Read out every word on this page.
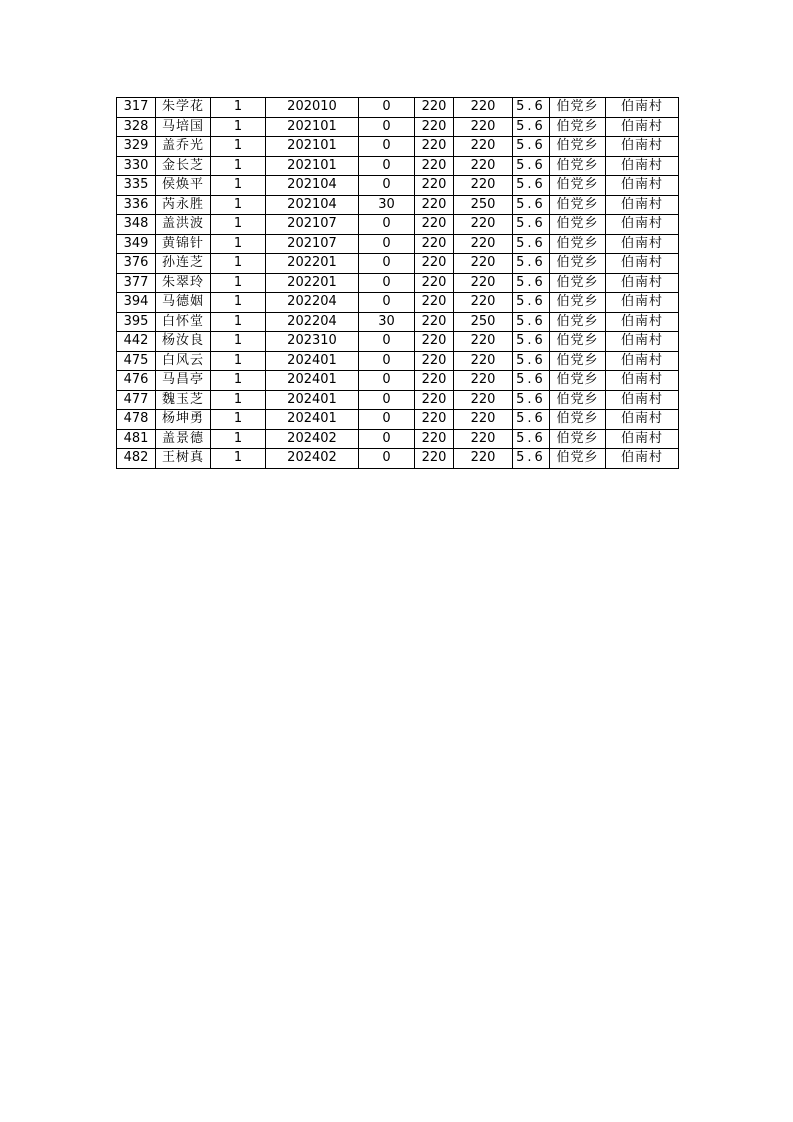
317	朱学花	1	202010	0	220	220	5.6	伯党乡	伯南村
328	马培国	1	202101	0	220	220	5.6	伯党乡	伯南村
329	盖乔光	1	202101	0	220	220	5.6	伯党乡	伯南村
330	金长芝	1	202101	0	220	220	5.6	伯党乡	伯南村
335	侯焕平	1	202104	0	220	220	5.6	伯党乡	伯南村
336	芮永胜	1	202104	30	220	250	5.6	伯党乡	伯南村
348	盖洪波	1	202107	0	220	220	5.6	伯党乡	伯南村
349	黄锦针	1	202107	0	220	220	5.6	伯党乡	伯南村
376	孙连芝	1	202201	0	220	220	5.6	伯党乡	伯南村
377	朱翠玲	1	202201	0	220	220	5.6	伯党乡	伯南村
394	马德姻	1	202204	0	220	220	5.6	伯党乡	伯南村
395	白怀堂	1	202204	30	220	250	5.6	伯党乡	伯南村
442	杨汝良	1	202310	0	220	220	5.6	伯党乡	伯南村
475	白风云	1	202401	0	220	220	5.6	伯党乡	伯南村
476	马昌亭	1	202401	0	220	220	5.6	伯党乡	伯南村
477	魏玉芝	1	202401	0	220	220	5.6	伯党乡	伯南村
478	杨坤勇	1	202401	0	220	220	5.6	伯党乡	伯南村
481	盖景德	1	202402	0	220	220	5.6	伯党乡	伯南村
482	王树真	1	202402	0	220	220	5.6	伯党乡	伯南村
